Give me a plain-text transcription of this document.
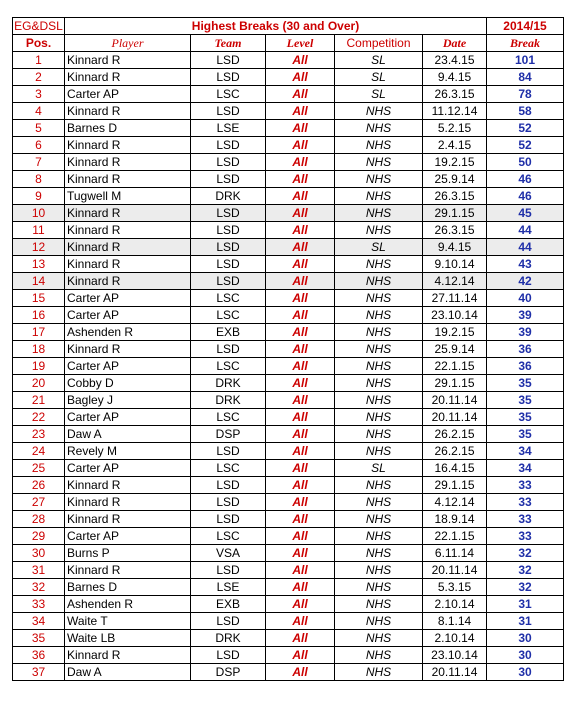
EG&DSL	Highest Breaks (30 and Over)					2014/15
Pos.	Player	Team	Level	Competition	Date	Break
1	Kinnard R	LSD	All	SL	23.4.15	101
2	Kinnard R	LSD	All	SL	9.4.15	84
3	Carter AP	LSC	All	SL	26.3.15	78
4	Kinnard R	LSD	All	NHS	11.12.14	58
5	Barnes D	LSE	All	NHS	5.2.15	52
6	Kinnard R	LSD	All	NHS	2.4.15	52
7	Kinnard R	LSD	All	NHS	19.2.15	50
8	Kinnard R	LSD	All	NHS	25.9.14	46
9	Tugwell M	DRK	All	NHS	26.3.15	46
10	Kinnard R	LSD	All	NHS	29.1.15	45
11	Kinnard R	LSD	All	NHS	26.3.15	44
12	Kinnard R	LSD	All	SL	9.4.15	44
13	Kinnard R	LSD	All	NHS	9.10.14	43
14	Kinnard R	LSD	All	NHS	4.12.14	42
15	Carter AP	LSC	All	NHS	27.11.14	40
16	Carter AP	LSC	All	NHS	23.10.14	39
17	Ashenden R	EXB	All	NHS	19.2.15	39
18	Kinnard R	LSD	All	NHS	25.9.14	36
19	Carter AP	LSC	All	NHS	22.1.15	36
20	Cobby D	DRK	All	NHS	29.1.15	35
21	Bagley J	DRK	All	NHS	20.11.14	35
22	Carter AP	LSC	All	NHS	20.11.14	35
23	Daw A	DSP	All	NHS	26.2.15	35
24	Revely M	LSD	All	NHS	26.2.15	34
25	Carter AP	LSC	All	SL	16.4.15	34
26	Kinnard R	LSD	All	NHS	29.1.15	33
27	Kinnard R	LSD	All	NHS	4.12.14	33
28	Kinnard R	LSD	All	NHS	18.9.14	33
29	Carter AP	LSC	All	NHS	22.1.15	33
30	Burns P	VSA	All	NHS	6.11.14	32
31	Kinnard R	LSD	All	NHS	20.11.14	32
32	Barnes D	LSE	All	NHS	5.3.15	32
33	Ashenden R	EXB	All	NHS	2.10.14	31
34	Waite T	LSD	All	NHS	8.1.14	31
35	Waite LB	DRK	All	NHS	2.10.14	30
36	Kinnard R	LSD	All	NHS	23.10.14	30
37	Daw A	DSP	All	NHS	20.11.14	30
